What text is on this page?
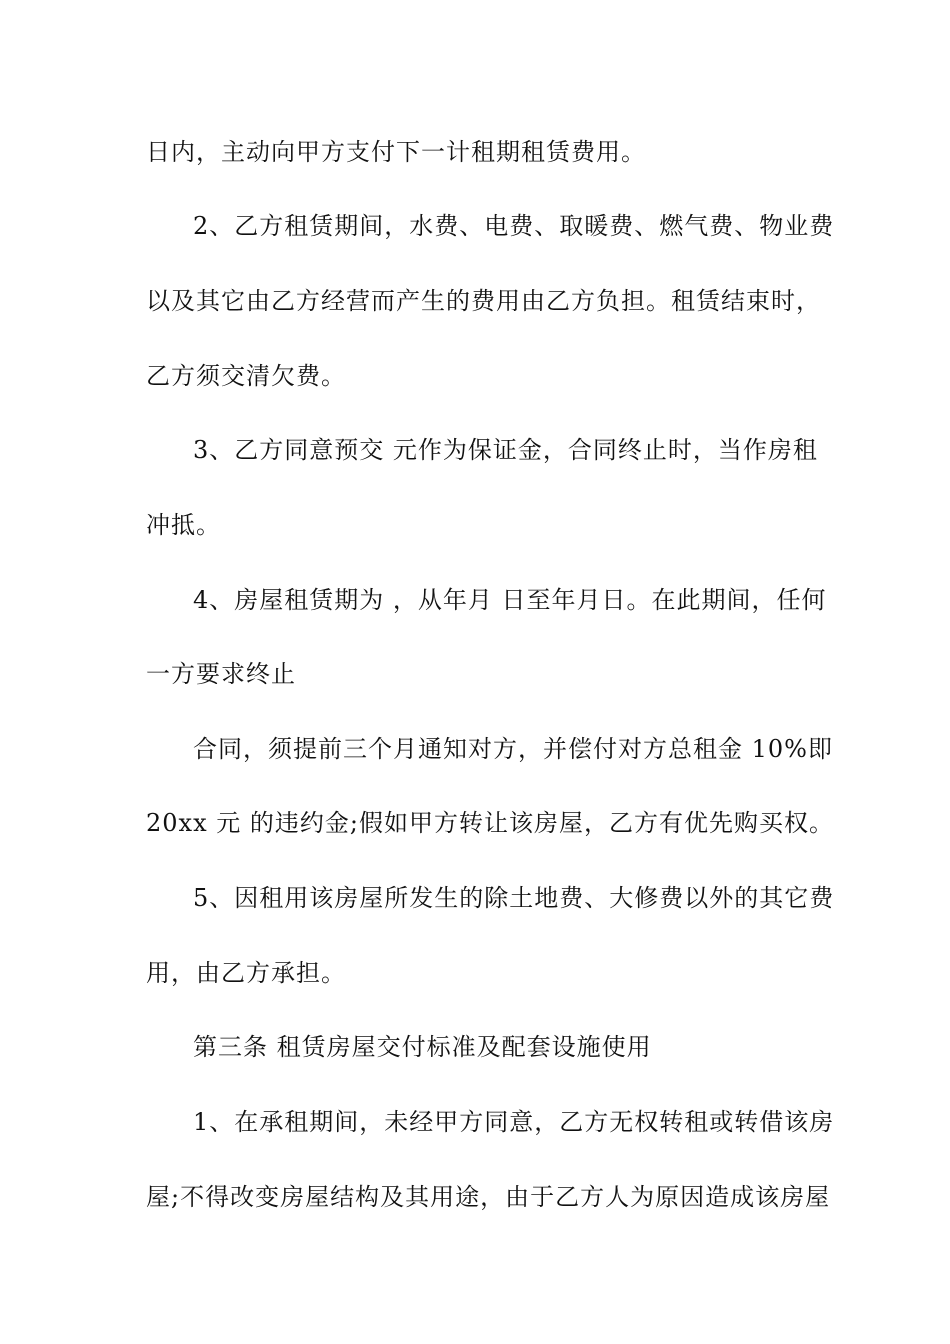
日内，主动向甲方支付下一计租期租赁费用。
2、乙方租赁期间，水费、电费、取暖费、燃气费、物业费
以及其它由乙方经营而产生的费用由乙方负担。租赁结束时，
乙方须交清欠费。
3、乙方同意预交 元作为保证金，合同终止时，当作房租
冲抵。
4、房屋租赁期为 ，从年月 日至年月日。在此期间，任何
一方要求终止
合同，须提前三个月通知对方，并偿付对方总租金 10%即
20xx 元 的违约金;假如甲方转让该房屋，乙方有优先购买权。
5、因租用该房屋所发生的除土地费、大修费以外的其它费
用，由乙方承担。
第三条 租赁房屋交付标准及配套设施使用
1、在承租期间，未经甲方同意，乙方无权转租或转借该房
屋;不得改变房屋结构及其用途，由于乙方人为原因造成该房屋
